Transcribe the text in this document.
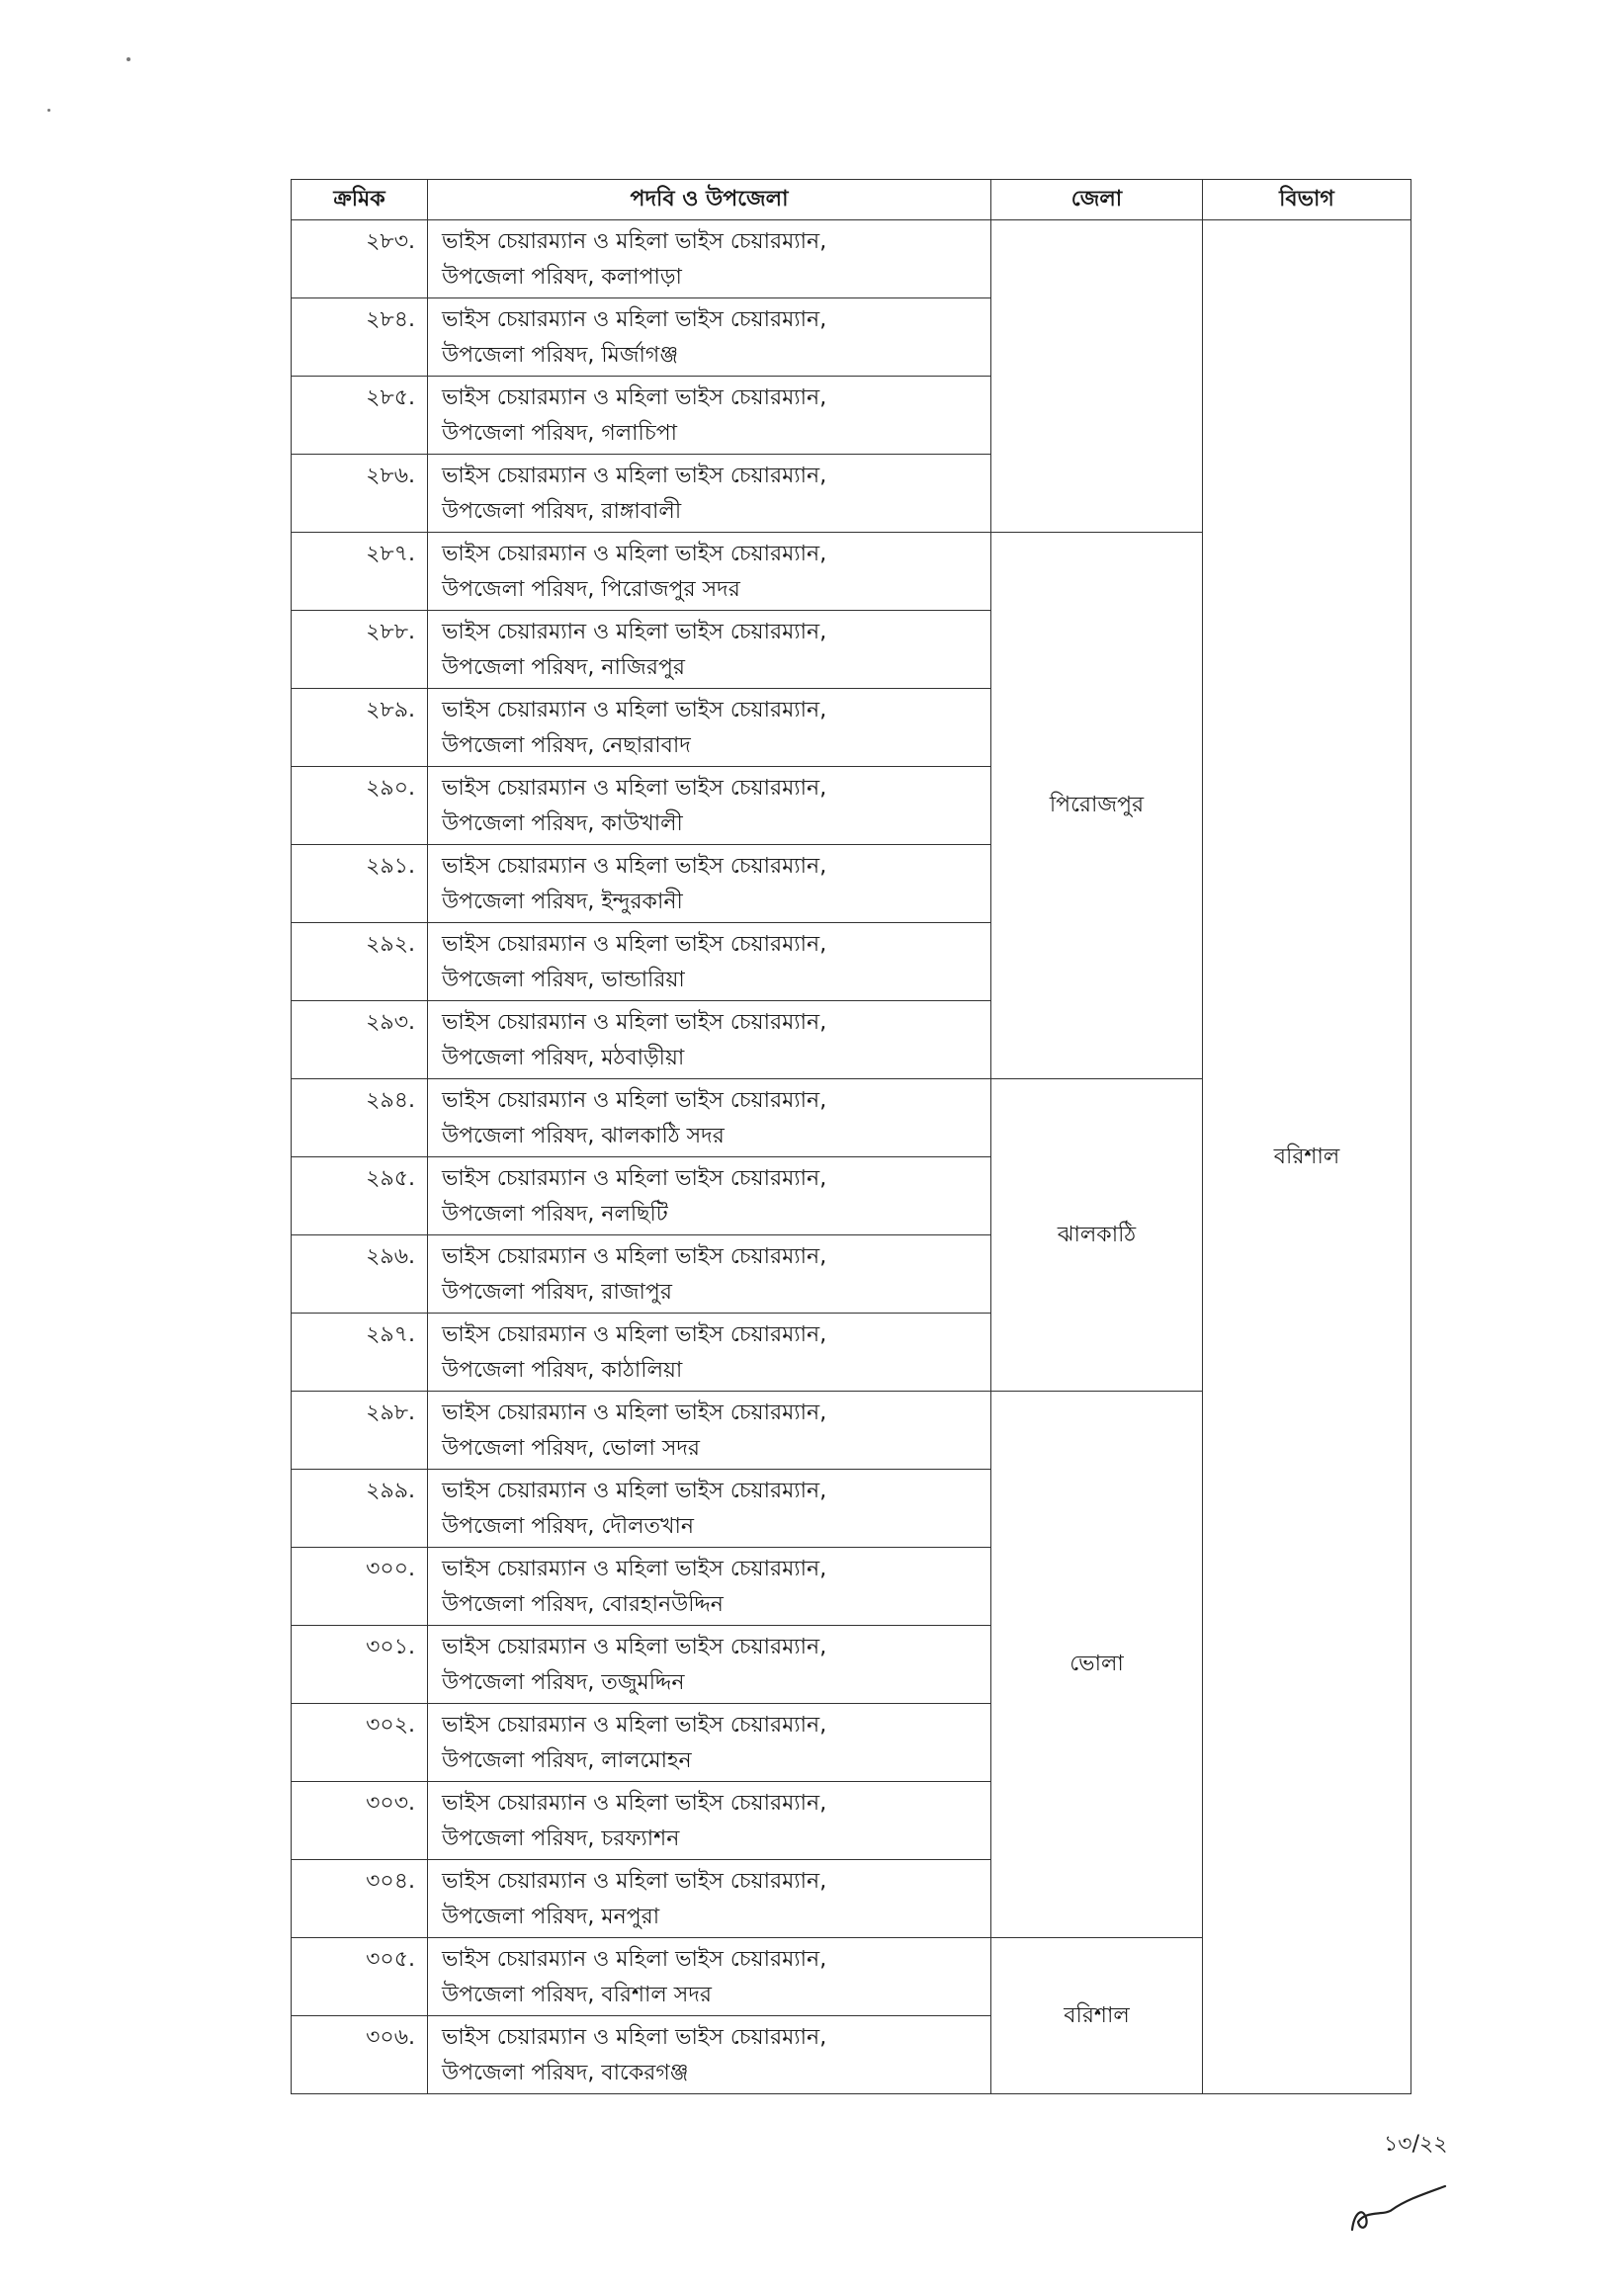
ক্রমিক	পদবি ও উপজেলা	জেলা	বিভাগ
২৮৩.	ভাইস চেয়ারম্যান ও মহিলা ভাইস চেয়ারম্যান,
উপজেলা পরিষদ, কলাপাড়া		বরিশাল
২৮৪.	ভাইস চেয়ারম্যান ও মহিলা ভাইস চেয়ারম্যান,
উপজেলা পরিষদ, মির্জাগঞ্জ		

২৮৫.	ভাইস চেয়ারম্যান ও মহিলা ভাইস চেয়ারম্যান,
উপজেলা পরিষদ, গলাচিপা		

২৮৬.	ভাইস চেয়ারম্যান ও মহিলা ভাইস চেয়ারম্যান,
উপজেলা পরিষদ, রাঙ্গাবালী		

২৮৭.	ভাইস চেয়ারম্যান ও মহিলা ভাইস চেয়ারম্যান,
উপজেলা পরিষদ, পিরোজপুর সদর	পিরোজপুর	
২৮৮.	ভাইস চেয়ারম্যান ও মহিলা ভাইস চেয়ারম্যান,
উপজেলা পরিষদ, নাজিরপুর		

২৮৯.	ভাইস চেয়ারম্যান ও মহিলা ভাইস চেয়ারম্যান,
উপজেলা পরিষদ, নেছারাবাদ		

২৯০.	ভাইস চেয়ারম্যান ও মহিলা ভাইস চেয়ারম্যান,
উপজেলা পরিষদ, কাউখালী		

২৯১.	ভাইস চেয়ারম্যান ও মহিলা ভাইস চেয়ারম্যান,
উপজেলা পরিষদ, ইন্দুরকানী		

২৯২.	ভাইস চেয়ারম্যান ও মহিলা ভাইস চেয়ারম্যান,
উপজেলা পরিষদ, ভান্ডারিয়া		

২৯৩.	ভাইস চেয়ারম্যান ও মহিলা ভাইস চেয়ারম্যান,
উপজেলা পরিষদ, মঠবাড়ীয়া		

২৯৪.	ভাইস চেয়ারম্যান ও মহিলা ভাইস চেয়ারম্যান,
উপজেলা পরিষদ, ঝালকাঠি সদর	ঝালকাঠি	
২৯৫.	ভাইস চেয়ারম্যান ও মহিলা ভাইস চেয়ারম্যান,
উপজেলা পরিষদ, নলছিটি		

২৯৬.	ভাইস চেয়ারম্যান ও মহিলা ভাইস চেয়ারম্যান,
উপজেলা পরিষদ, রাজাপুর		

২৯৭.	ভাইস চেয়ারম্যান ও মহিলা ভাইস চেয়ারম্যান,
উপজেলা পরিষদ, কাঠালিয়া		

২৯৮.	ভাইস চেয়ারম্যান ও মহিলা ভাইস চেয়ারম্যান,
উপজেলা পরিষদ, ভোলা সদর	ভোলা	
২৯৯.	ভাইস চেয়ারম্যান ও মহিলা ভাইস চেয়ারম্যান,
উপজেলা পরিষদ, দৌলতখান		

৩০০.	ভাইস চেয়ারম্যান ও মহিলা ভাইস চেয়ারম্যান,
উপজেলা পরিষদ, বোরহানউদ্দিন		

৩০১.	ভাইস চেয়ারম্যান ও মহিলা ভাইস চেয়ারম্যান,
উপজেলা পরিষদ, তজুমদ্দিন		

৩০২.	ভাইস চেয়ারম্যান ও মহিলা ভাইস চেয়ারম্যান,
উপজেলা পরিষদ, লালমোহন		

৩০৩.	ভাইস চেয়ারম্যান ও মহিলা ভাইস চেয়ারম্যান,
উপজেলা পরিষদ, চরফ্যাশন		

৩০৪.	ভাইস চেয়ারম্যান ও মহিলা ভাইস চেয়ারম্যান,
উপজেলা পরিষদ, মনপুরা		

৩০৫.	ভাইস চেয়ারম্যান ও মহিলা ভাইস চেয়ারম্যান,
উপজেলা পরিষদ, বরিশাল সদর	বরিশাল	
৩০৬.	ভাইস চেয়ারম্যান ও মহিলা ভাইস চেয়ারম্যান,
উপজেলা পরিষদ, বাকেরগঞ্জ		
১৩/২২
